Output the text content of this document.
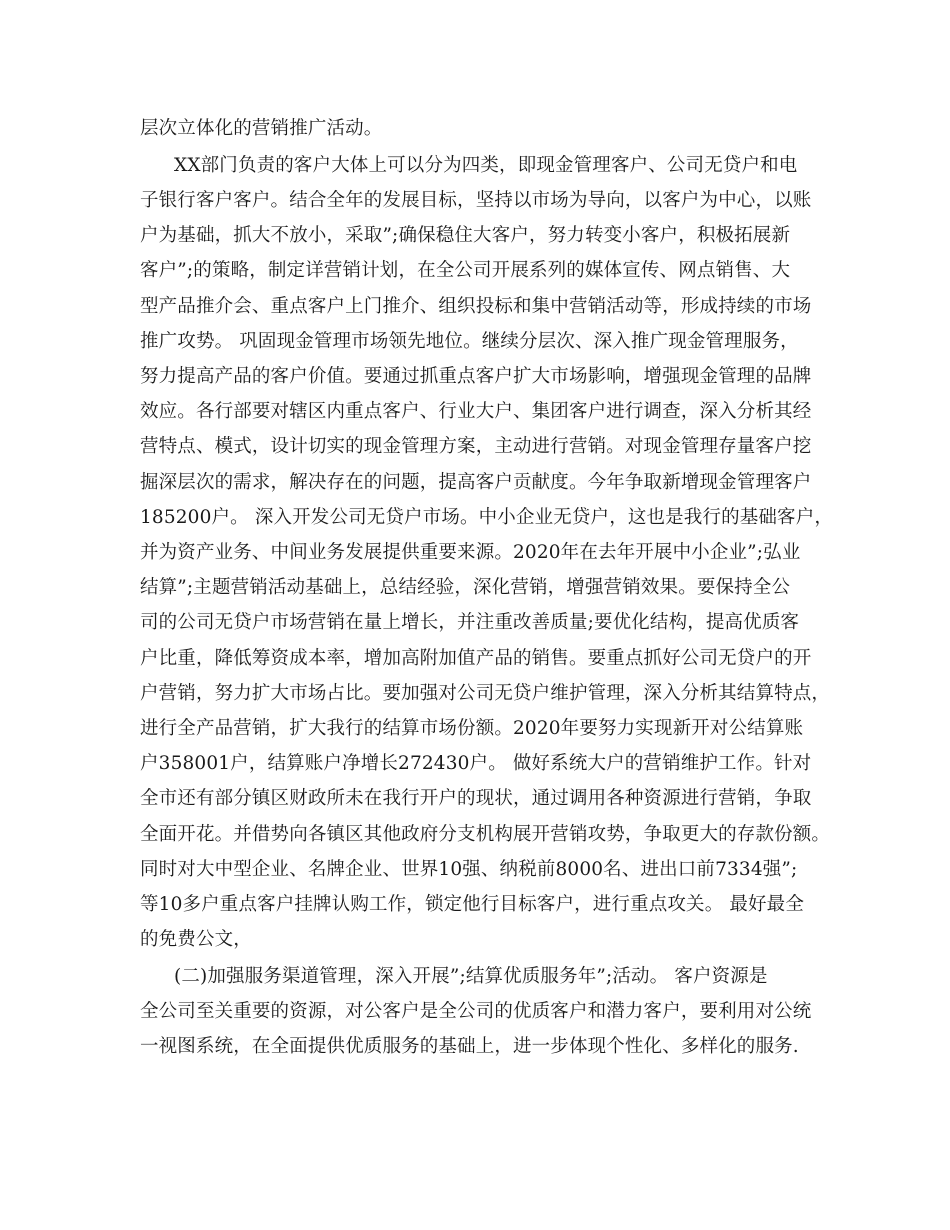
层次立体化的营销推广活动。
XX部门负责的客户大体上可以分为四类，即现金管理客户、公司无贷户和电
子银行客户客户。结合全年的发展目标，坚持以市场为导向，以客户为中心，以账
户为基础，抓大不放小，采取”;确保稳住大客户，努力转变小客户，积极拓展新
客户”;的策略，制定详营销计划，在全公司开展系列的媒体宣传、网点销售、大
型产品推介会、重点客户上门推介、组织投标和集中营销活动等，形成持续的市场
推广攻势。 巩固现金管理市场领先地位。继续分层次、深入推广现金管理服务，
努力提高产品的客户价值。要通过抓重点客户扩大市场影响，增强现金管理的品牌
效应。各行部要对辖区内重点客户、行业大户、集团客户进行调查，深入分析其经
营特点、模式，设计切实的现金管理方案，主动进行营销。对现金管理存量客户挖
掘深层次的需求，解决存在的问题，提高客户贡献度。今年争取新增现金管理客户
185200户。 深入开发公司无贷户市场。中小企业无贷户，这也是我行的基础客户，
并为资产业务、中间业务发展提供重要来源。2020年在去年开展中小企业”;弘业
结算”;主题营销活动基础上，总结经验，深化营销，增强营销效果。要保持全公
司的公司无贷户市场营销在量上增长，并注重改善质量;要优化结构，提高优质客
户比重，降低筹资成本率，增加高附加值产品的销售。要重点抓好公司无贷户的开
户营销，努力扩大市场占比。要加强对公司无贷户维护管理，深入分析其结算特点，
进行全产品营销，扩大我行的结算市场份额。2020年要努力实现新开对公结算账
户358001户，结算账户净增长272430户。 做好系统大户的营销维护工作。针对
全市还有部分镇区财政所未在我行开户的现状，通过调用各种资源进行营销，争取
全面开花。并借势向各镇区其他政府分支机构展开营销攻势，争取更大的存款份额。
同时对大中型企业、名牌企业、世界10强、纳税前8000名、进出口前7334强”;
等10多户重点客户挂牌认购工作，锁定他行目标客户，进行重点攻关。 最好最全
的免费公文，
(二)加强服务渠道管理，深入开展”;结算优质服务年”;活动。 客户资源是
全公司至关重要的资源，对公客户是全公司的优质客户和潜力客户，要利用对公统
一视图系统，在全面提供优质服务的基础上，进一步体现个性化、多样化的服务.
